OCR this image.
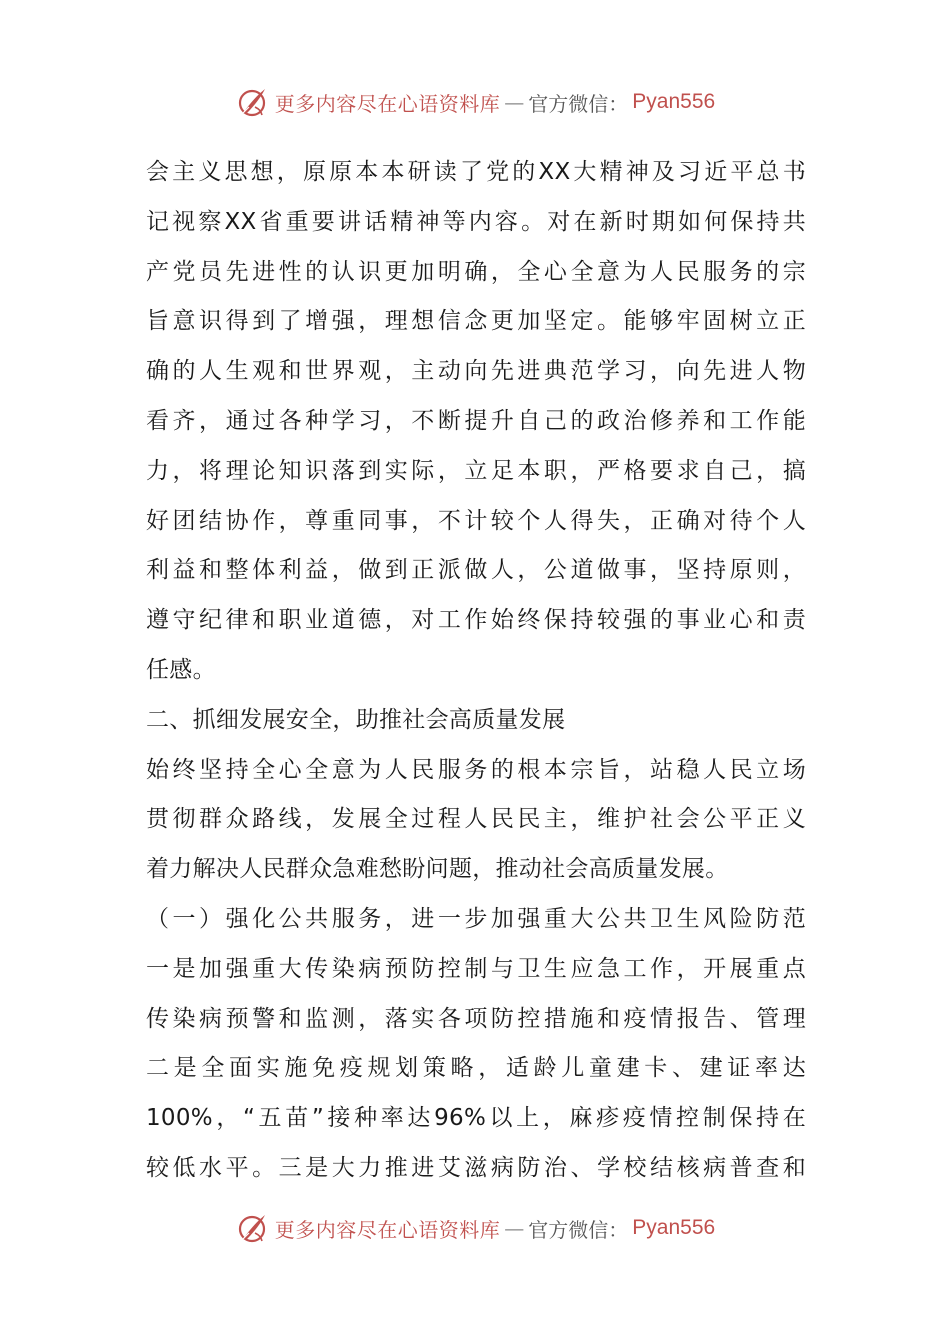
更多内容尽在心语资料库 — 官方微信： Pyan556
会主义思想，原原本本研读了党的XX大精神及习近平总书
记视察XX省重要讲话精神等内容。对在新时期如何保持共
产党员先进性的认识更加明确，全心全意为人民服务的宗
旨意识得到了增强，理想信念更加坚定。能够牢固树立正
确的人生观和世界观，主动向先进典范学习，向先进人物
看齐，通过各种学习，不断提升自己的政治修养和工作能
力，将理论知识落到实际，立足本职，严格要求自己，搞
好团结协作，尊重同事，不计较个人得失，正确对待个人
利益和整体利益，做到正派做人，公道做事，坚持原则，
遵守纪律和职业道德，对工作始终保持较强的事业心和责
任感。
二、抓细发展安全，助推社会高质量发展
始终坚持全心全意为人民服务的根本宗旨，站稳人民立场
贯彻群众路线，发展全过程人民民主，维护社会公平正义
着力解决人民群众急难愁盼问题，推动社会高质量发展。
（一）强化公共服务，进一步加强重大公共卫生风险防范
一是加强重大传染病预防控制与卫生应急工作，开展重点
传染病预警和监测，落实各项防控措施和疫情报告、管理
二是全面实施免疫规划策略，适龄儿童建卡、建证率达
100%，“五苗”接种率达96%以上，麻疹疫情控制保持在
较低水平。三是大力推进艾滋病防治、学校结核病普查和
更多内容尽在心语资料库 — 官方微信： Pyan556
